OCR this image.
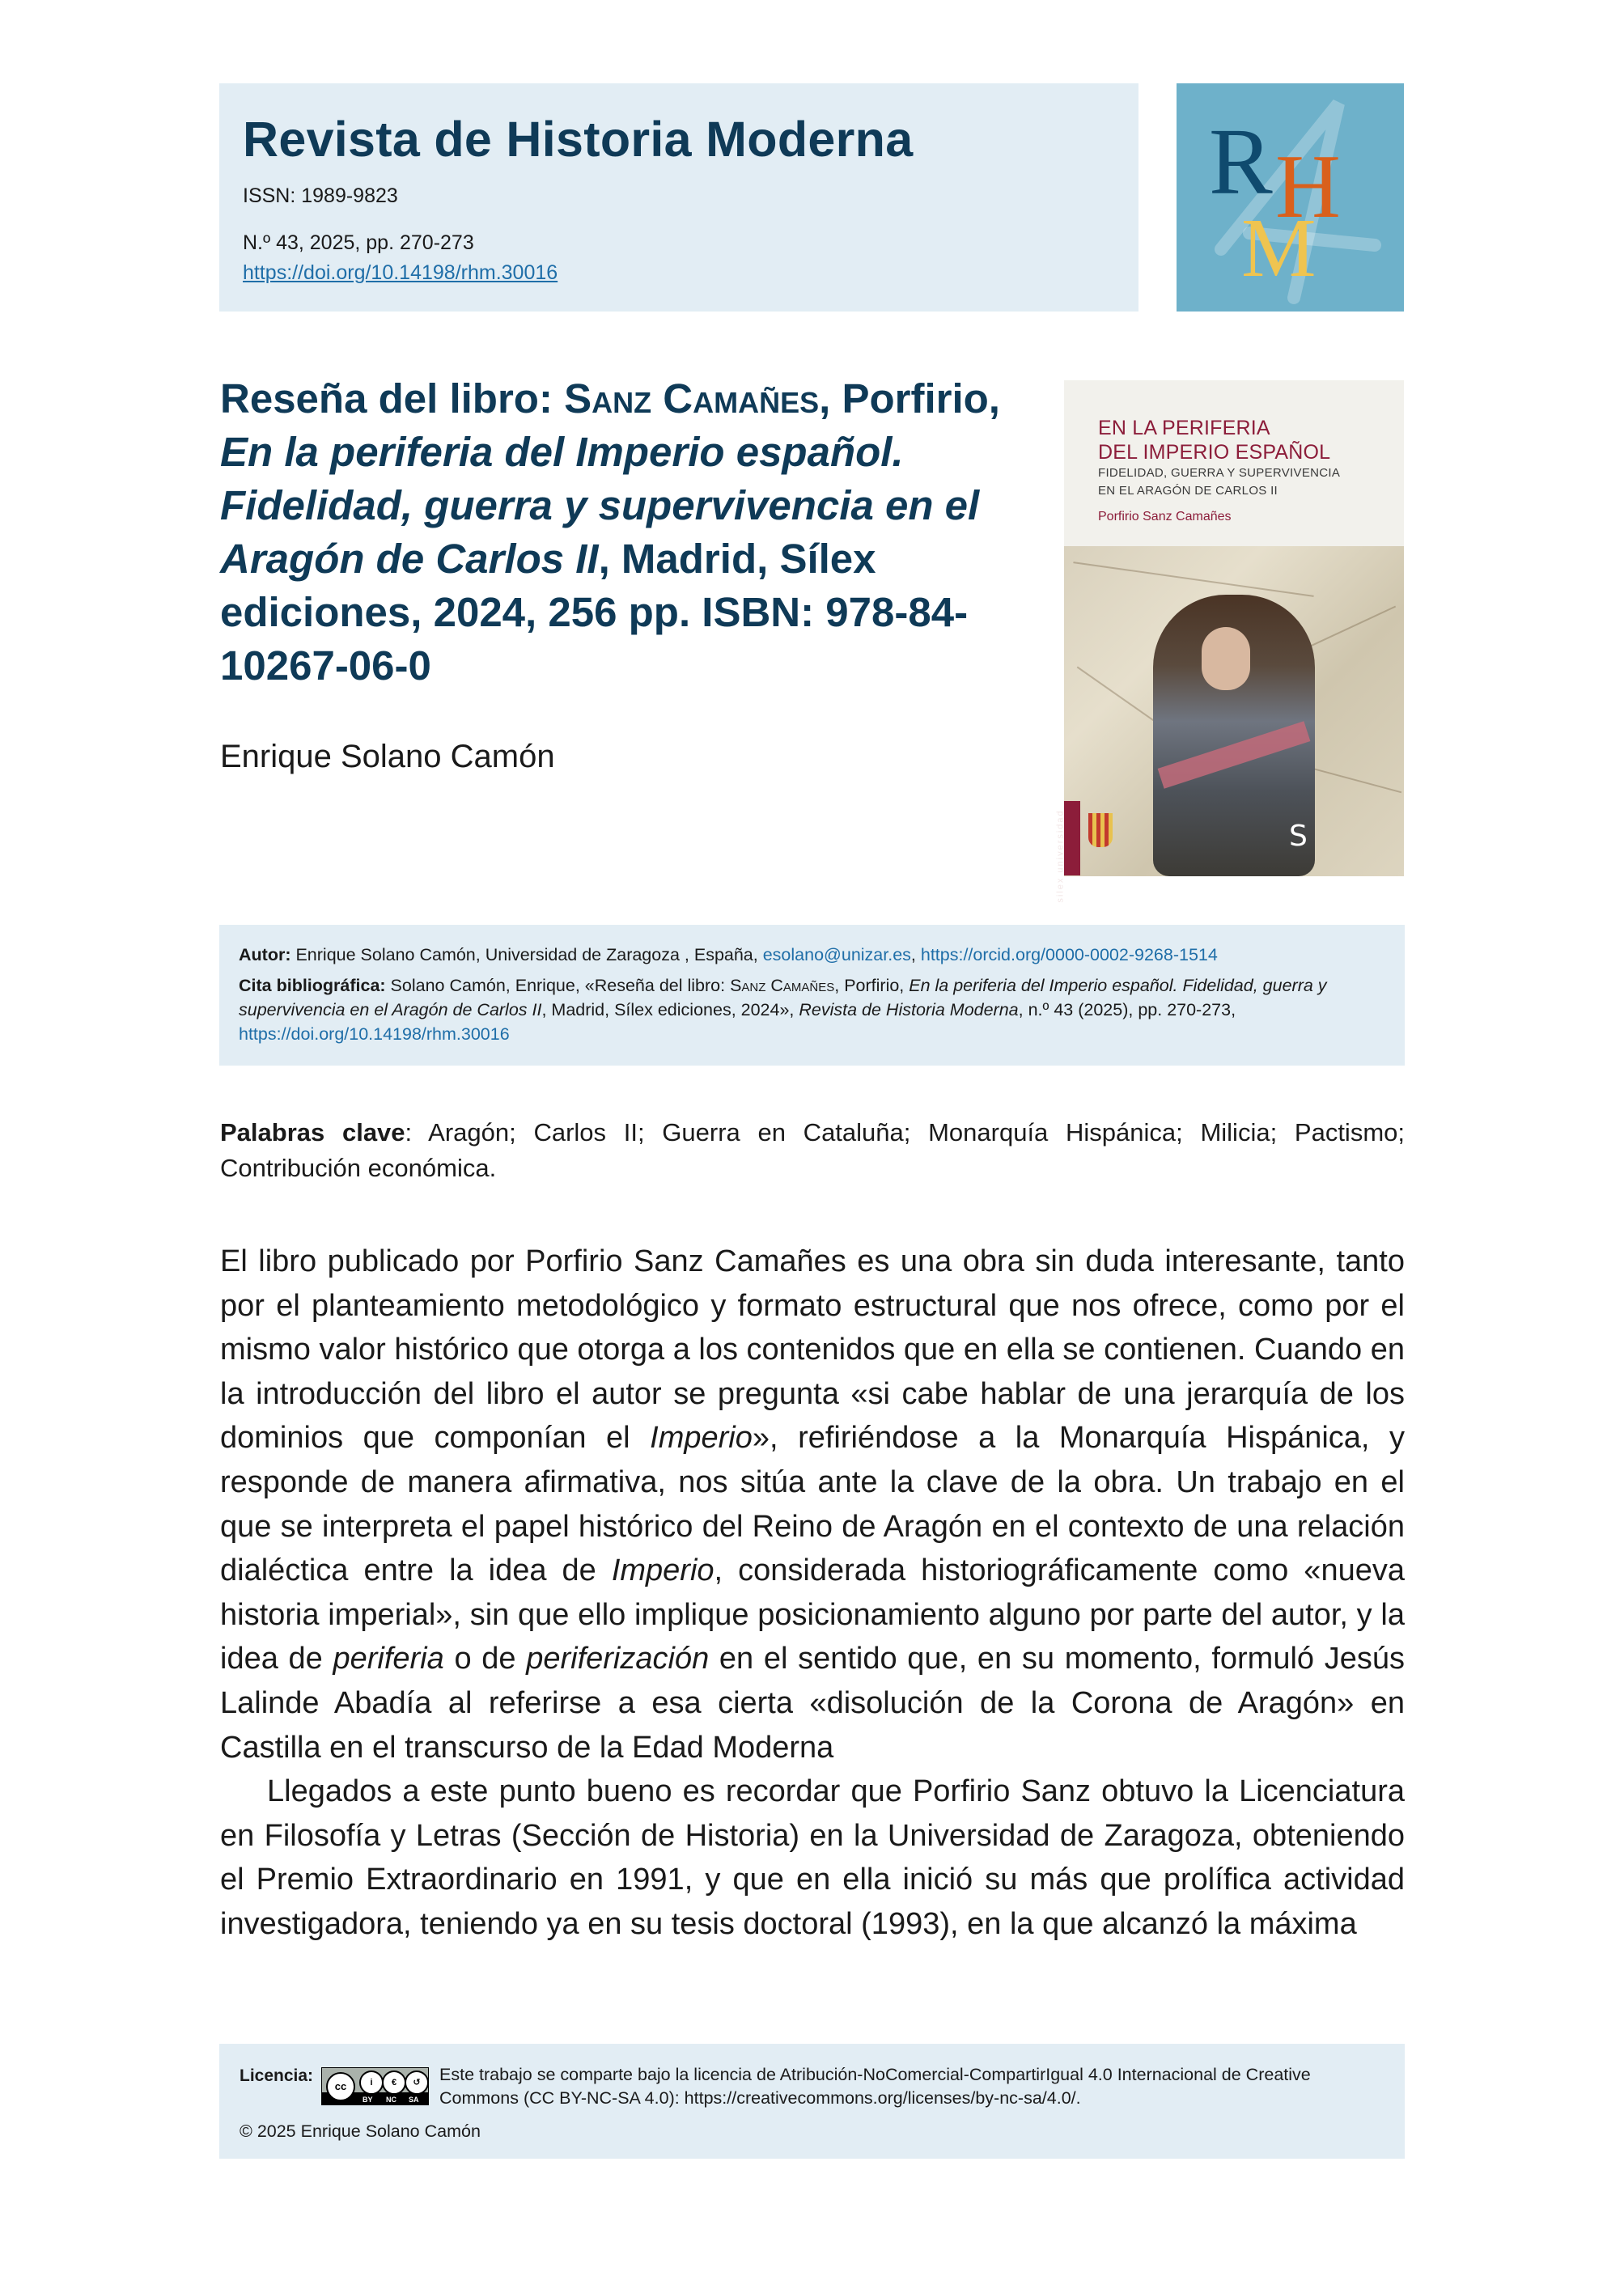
Revista de Historia Moderna
ISSN: 1989-9823
N.º 43, 2025, pp. 270-273
https://doi.org/10.14198/rhm.30016
R H
M
Reseña del libro: Sanz Camañes, Porfirio, En la periferia del Imperio español. Fidelidad, guerra y supervivencia en el Aragón de Carlos II, Madrid, Sílex ediciones, 2024, 256 pp. ISBN: 978-84-10267-06-0
Enrique Solano Camón
EN LA PERIFERIA
DEL IMPERIO ESPAÑOL
FIDELIDAD, GUERRA Y SUPERVIVENCIA
EN EL ARAGÓN DE CARLOS II
Porfirio Sanz Camañes
S
silex universidad
Autor: Enrique Solano Camón, Universidad de Zaragoza , España, esolano@unizar.es, https://orcid.org/0000-0002-9268-1514
Cita bibliográfica: Solano Camón, Enrique, «Reseña del libro: Sanz Camañes, Porfirio, En la periferia del Imperio español. Fidelidad, guerra y supervivencia en el Aragón de Carlos II, Madrid, Sílex ediciones, 2024», Revista de Historia Moderna, n.º 43 (2025), pp. 270-273, https://doi.org/10.14198/rhm.30016
Palabras clave: Aragón; Carlos II; Guerra en Cataluña; Monarquía Hispánica; Milicia; Pactismo; Contribución económica.

El libro publicado por Porfirio Sanz Camañes es una obra sin duda interesante, tanto por el planteamiento metodológico y formato estructural que nos ofrece, como por el mismo valor histórico que otorga a los contenidos que en ella se contienen. Cuando en la introducción del libro el autor se pregunta «si cabe hablar de una jerarquía de los dominios que componían el Imperio», refiriéndose a la Monarquía Hispánica, y responde de manera afirmativa, nos sitúa ante la clave de la obra. Un trabajo en el que se interpreta el papel histórico del Reino de Aragón en el contexto de una relación dialéctica entre la idea de Imperio, considerada historiográficamente como «nueva historia imperial», sin que ello implique posicionamiento alguno por parte del autor, y la idea de periferia o de periferización en el sentido que, en su momento, formuló Jesús Lalinde Abadía al referirse a esa cierta «disolución de la Corona de Aragón» en Castilla en el transcurso de la Edad Moderna

Llegados a este punto bueno es recordar que Porfirio Sanz obtuvo la Licenciatura en Filosofía y Letras (Sección de Historia) en la Universidad de Zaragoza, obteniendo el Premio Extraordinario en 1991, y que en ella inició su más que prolífica actividad investigadora, teniendo ya en su tesis doctoral (1993), en la que alcanzó la máxima

Licencia:
cc	i	€	↺
BY NC SA
Este trabajo se comparte bajo la licencia de Atribución-NoComercial-CompartirIgual 4.0 Internacional de Creative Commons (CC BY-NC-SA 4.0): https://creativecommons.org/licenses/by-nc-sa/4.0/.
© 2025 Enrique Solano Camón
